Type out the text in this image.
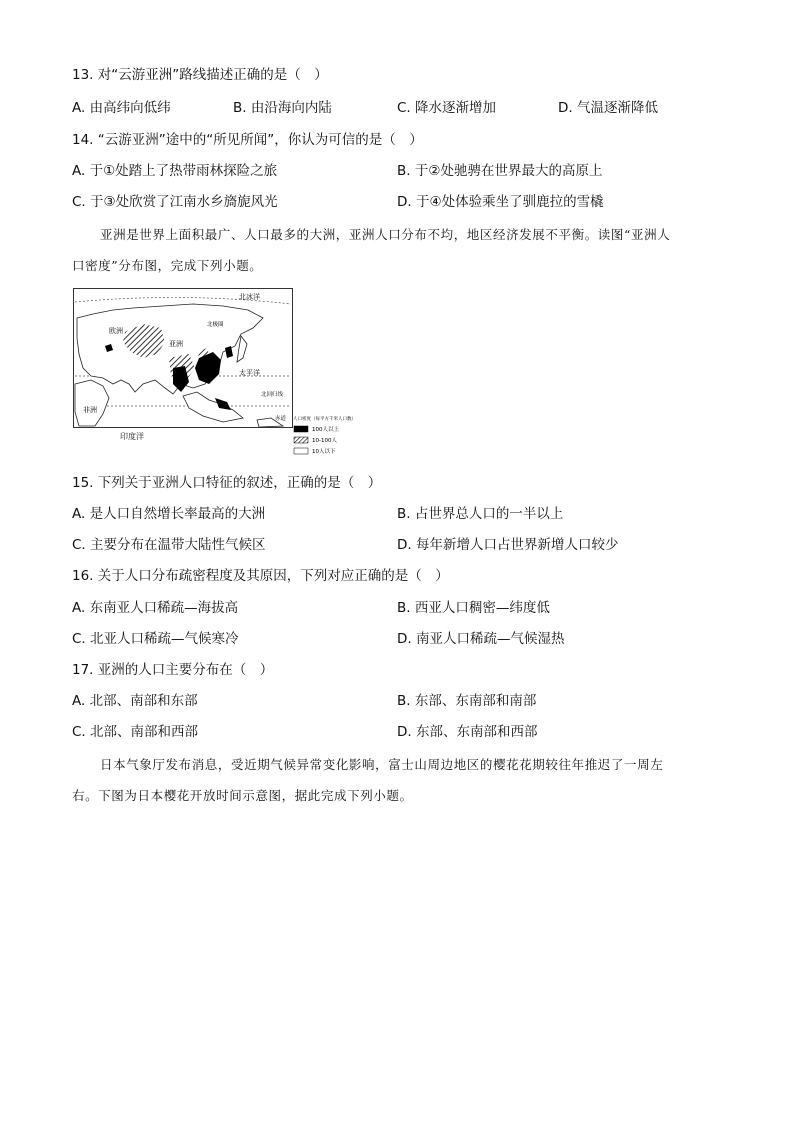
13. 对“云游亚洲”路线描述正确的是（　）
A. 由高纬向低纬	B. 由沿海向内陆	C. 降水逐渐增加	D. 气温逐渐降低
14. “云游亚洲”途中的“所见所闻”，你认为可信的是（　）
A. 于①处踏上了热带雨林探险之旅	B. 于②处驰骋在世界最大的高原上
C. 于③处欣赏了江南水乡旖旎风光	D. 于④处体验乘坐了驯鹿拉的雪橇
亚洲是世界上面积最广、人口最多的大洲，亚洲人口分布不均，地区经济发展不平衡。读图“亚洲人
口密度”分布图，完成下列小题。
北冰洋
北极圈
欧洲
亚洲
太平洋
北回归线
非洲
赤道
印度洋
人口密度（每平方千米人口数）
100人以上
10-100人
10人以下
15. 下列关于亚洲人口特征的叙述，正确的是（　）
A. 是人口自然增长率最高的大洲	B. 占世界总人口的一半以上
C. 主要分布在温带大陆性气候区	D. 每年新增人口占世界新增人口较少
16. 关于人口分布疏密程度及其原因，下列对应正确的是（　）
A. 东南亚人口稀疏—海拔高	B. 西亚人口稠密—纬度低
C. 北亚人口稀疏—气候寒冷	D. 南亚人口稀疏—气候湿热
17. 亚洲的人口主要分布在（　）
A. 北部、南部和东部	B. 东部、东南部和南部
C. 北部、南部和西部	D. 东部、东南部和西部
日本气象厅发布消息，受近期气候异常变化影响，富士山周边地区的樱花花期较往年推迟了一周左
右。下图为日本樱花开放时间示意图，据此完成下列小题。
